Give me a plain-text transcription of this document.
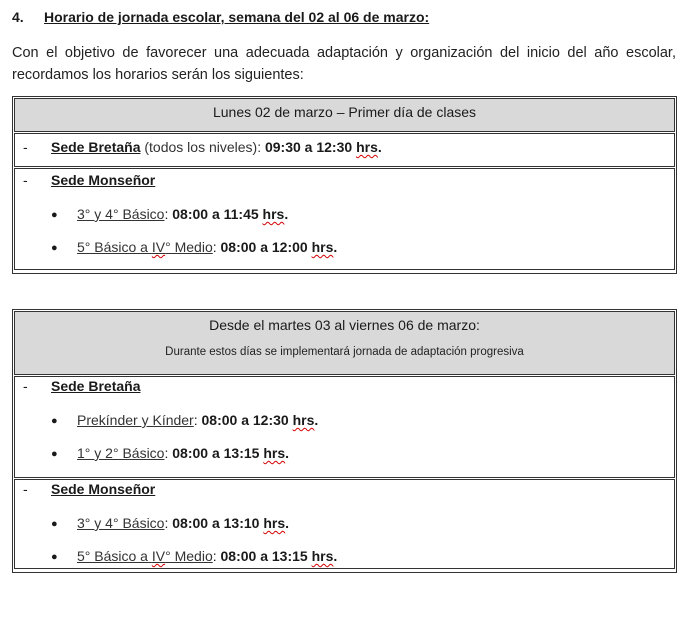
4. Horario de jornada escolar, semana del 02 al 06 de marzo:
Con el objetivo de favorecer una adecuada adaptación y organización del inicio del año escolar, recordamos los horarios serán los siguientes:
Lunes 02 de marzo – Primer día de clases
- Sede Bretaña (todos los niveles): 09:30 a 12:30 hrs.
- Sede Monseñor
● 3° y 4° Básico: 08:00 a 11:45 hrs.
● 5° Básico a IV° Medio: 08:00 a 12:00 hrs.
Desde el martes 03 al viernes 06 de marzo:
Durante estos días se implementará jornada de adaptación progresiva
- Sede Bretaña
● Prekínder y Kínder: 08:00 a 12:30 hrs.
● 1° y 2° Básico: 08:00 a 13:15 hrs.
- Sede Monseñor
● 3° y 4° Básico: 08:00 a 13:10 hrs.
● 5° Básico a IV° Medio: 08:00 a 13:15 hrs.
